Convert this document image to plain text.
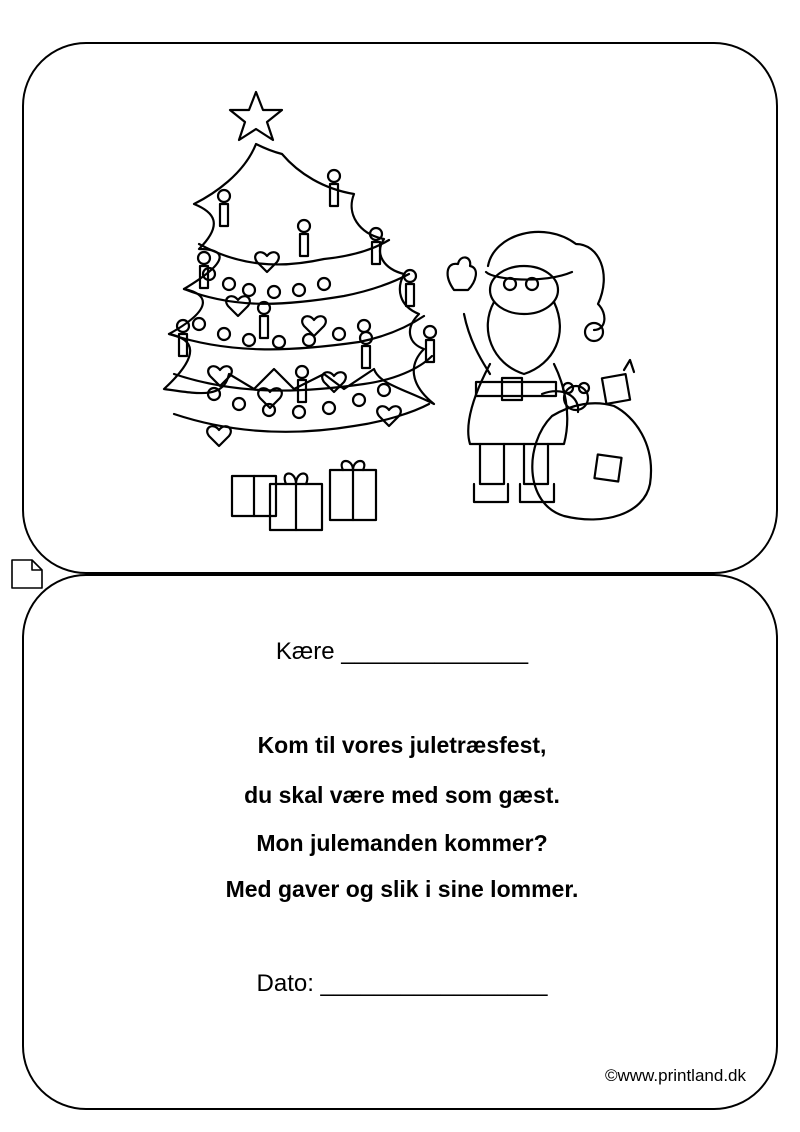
Kære ______________
Kom til vores juletræsfest,
du skal være med som gæst.
Mon julemanden kommer?
Med gaver og slik i sine lommer.
Dato: _________________
©www.printland.dk
